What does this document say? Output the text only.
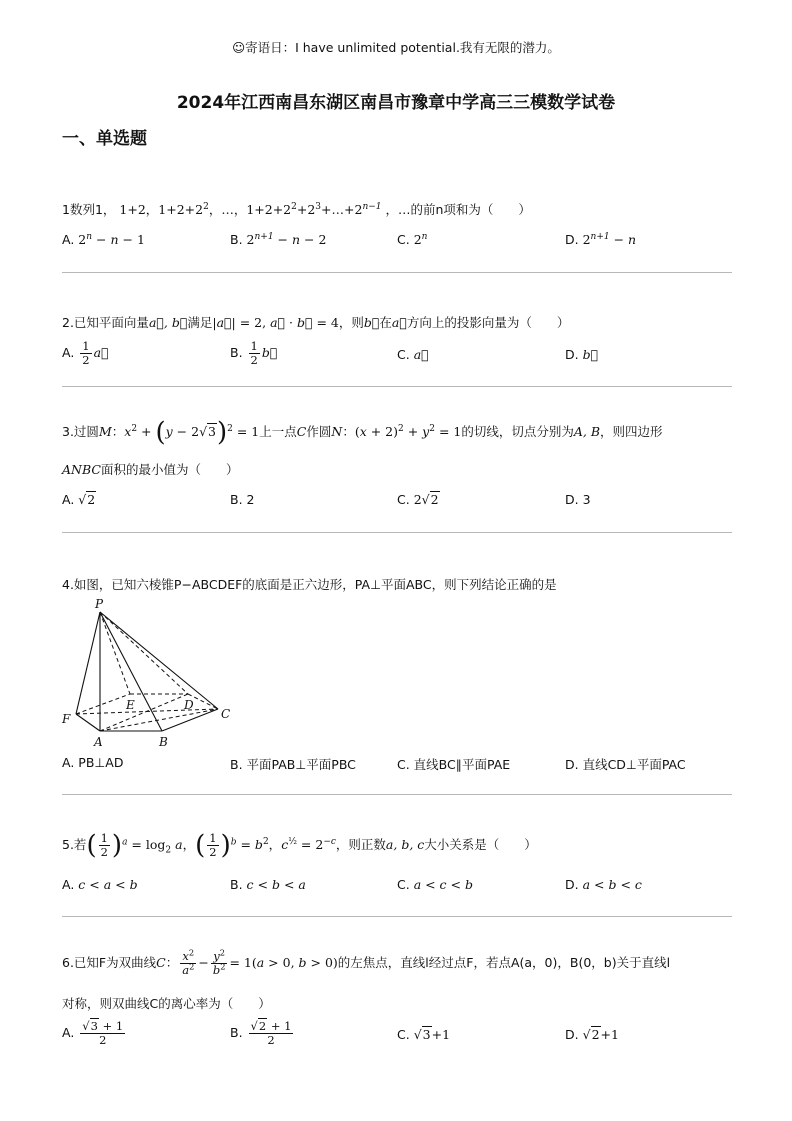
☺寄语日：I have unlimited potential.我有无限的潜力。
2024年江西南昌东湖区南昌市豫章中学高三三模数学试卷
一、单选题
1数列1， 1+2，$1+2+2^2$，…，$1+2+2^2+2^3+\dots+2^{n-1}$ ，…的前n项和为（　　）
A. $2^n - n - 1$	B. $2^{n+1} - n - 2$	C. 2$^n$	D. $2^{n+1} - n$
2.已知平面向量a⃗, b⃗满足|a⃗| = 2, a⃗ · b⃗ = 4，则b⃗在a⃗方向上的投影向量为（　　）
A. $\frac{1}{2}$ a⃗	B. $\frac{1}{2}$ b⃗	C. a⃗	D. b⃗
3.过圆M：$x^2 + (y - 2√3)^2 = 1$上一点C作圆N：$(x + 2)^2 + y^2 = 1$的切线，切点分别为A, B，则四边形
ANBC面积的最小值为（　　）
A. √2	B. 2	C. 2√2	D. 3
4.如图，已知六棱锥P−ABCDEF的底面是正六边形，PA⊥平面ABC，则下列结论正确的是
P
A	B
C
D
E
F
A. PB⊥AD	B. 平面PAB⊥平面PBC	C. 直线BC∥平面PAE	D. 直线CD⊥平面PAC
5.若( $\frac{1}{2} )^a = \log_2 a$，( $\frac{1}{2} )^b = b^2$，$c^{\frac{1}{2}} = 2^{-c}$，则正数a, b, c大小关系是（　　）
A. c < a < b	B. c < b < a	C. a < c < b	D. a < b < c
6.已知F为双曲线C： $\frac{x^2}{a^2} - \frac{y^2}{b^2} = 1(a > 0$, b > 0)的左焦点，直线l经过点F，若点A(a，0)，B(0，b)关于直线l
对称，则双曲线C的离心率为（　　）
A. $\frac{√3 + 1}{2}$	B. $\frac{√2 + 1}{2}$	C. √3+1	D. √2+1
